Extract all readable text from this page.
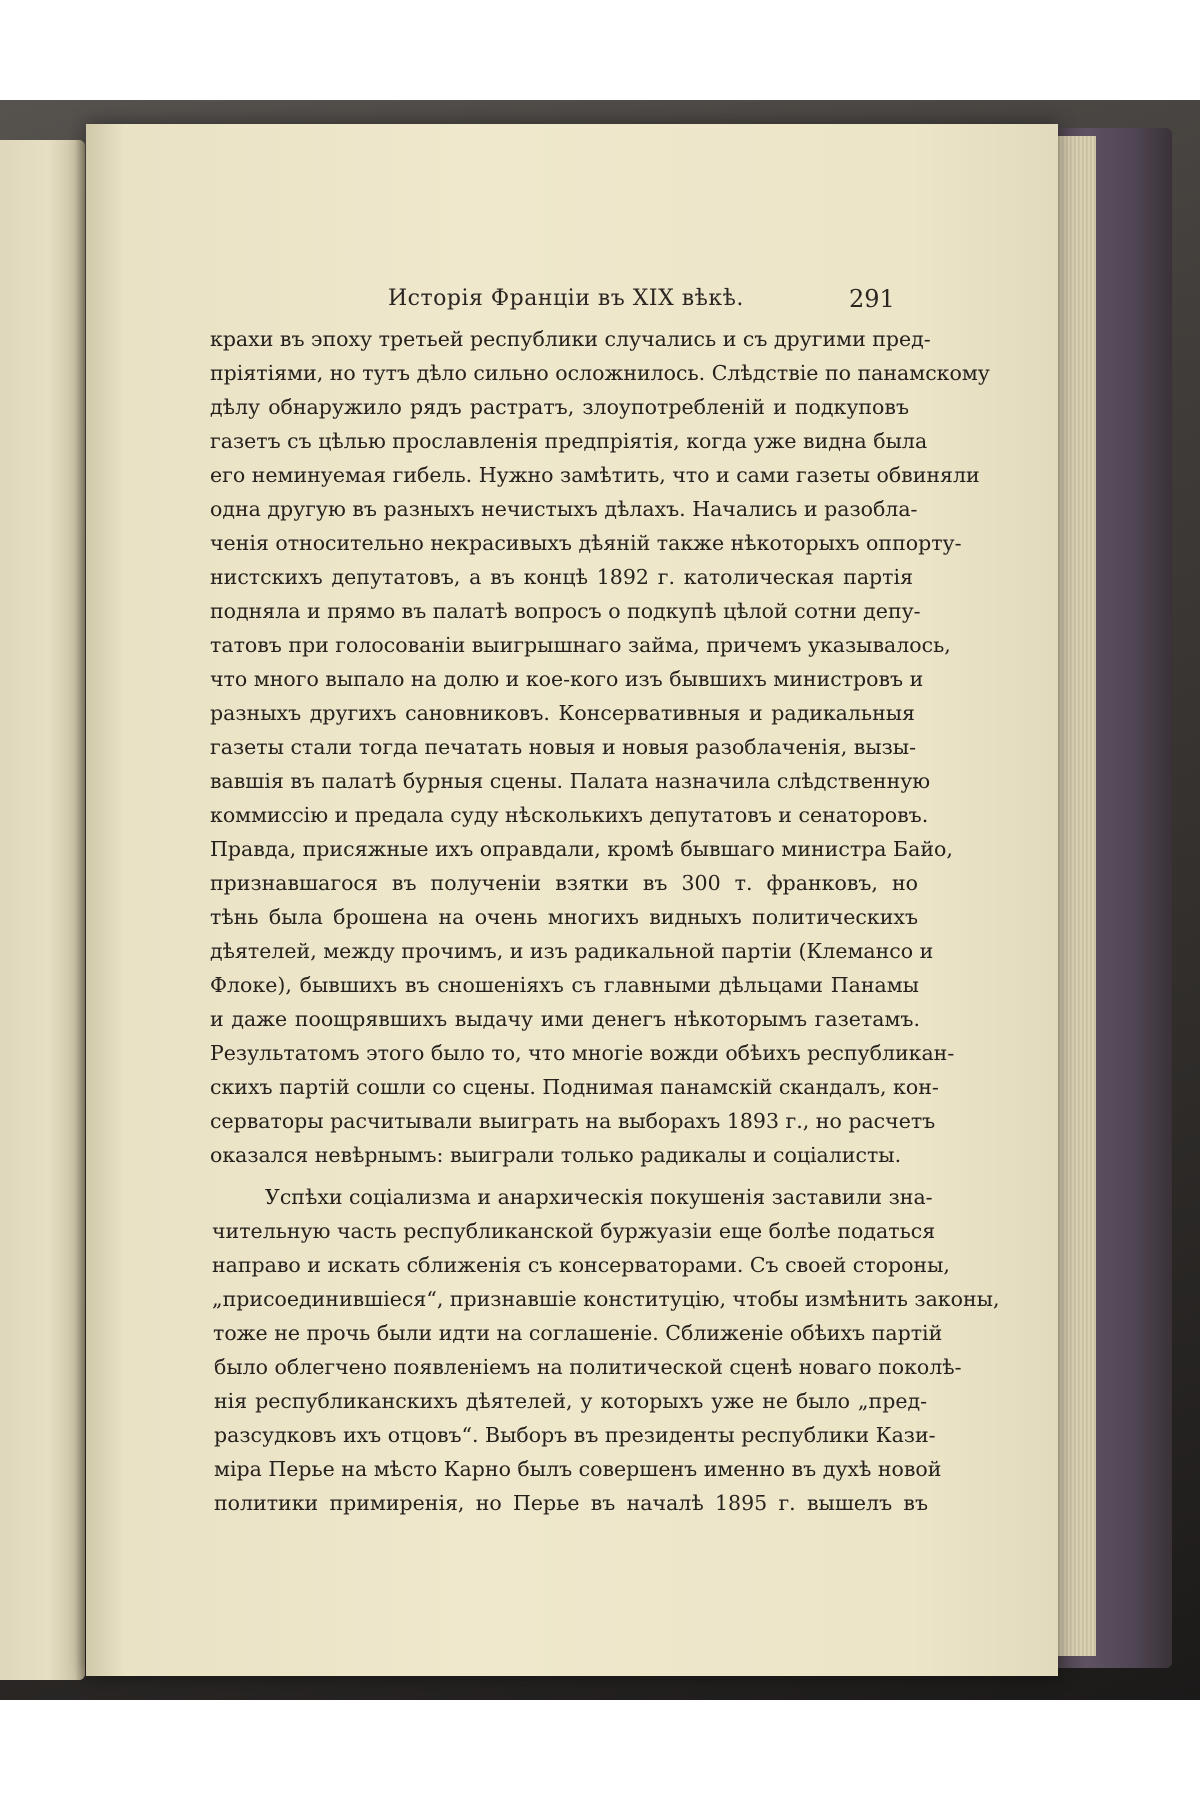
Исторія Франціи въ XIX вѣкѣ.	291
крахи въ эпоху третьей республики случались и съ другими пред-
пріятіями, но тутъ дѣло сильно осложнилось. Слѣдствіе по панамскому
дѣлу обнаружило рядъ растратъ, злоупотребленій и подкуповъ
газетъ съ цѣлью прославленія предпріятія, когда уже видна была
его неминуемая гибель. Нужно замѣтить, что и сами газеты обвиняли
одна другую въ разныхъ нечистыхъ дѣлахъ. Начались и разобла-
ченія относительно некрасивыхъ дѣяній также нѣкоторыхъ оппорту-
нистскихъ депутатовъ, а въ концѣ 1892 г. католическая партія
подняла и прямо въ палатѣ вопросъ о подкупѣ цѣлой сотни депу-
татовъ при голосованіи выигрышнаго займа, причемъ указывалось,
что много выпало на долю и кое-кого изъ бывшихъ министровъ и
разныхъ другихъ сановниковъ. Консервативныя и радикальныя
газеты стали тогда печатать новыя и новыя разоблаченія, вызы-
вавшія въ палатѣ бурныя сцены. Палата назначила слѣдственную
коммиссію и предала суду нѣсколькихъ депутатовъ и сенаторовъ.
Правда, присяжные ихъ оправдали, кромѣ бывшаго министра Байо,
признавшагося въ полученіи взятки въ 300 т. франковъ, но
тѣнь была брошена на очень многихъ видныхъ политическихъ
дѣятелей, между прочимъ, и изъ радикальной партіи (Клемансо и
Флоке), бывшихъ въ сношеніяхъ съ главными дѣльцами Панамы
и даже поощрявшихъ выдачу ими денегъ нѣкоторымъ газетамъ.
Результатомъ этого было то, что многіе вожди обѣихъ республикан-
скихъ партій сошли со сцены. Поднимая панамскій скандалъ, кон-
серваторы расчитывали выиграть на выборахъ 1893 г., но расчетъ
оказался невѣрнымъ: выиграли только радикалы и соціалисты.
Успѣхи соціализма и анархическія покушенія заставили зна-
чительную часть республиканской буржуазіи еще болѣе податься
направо и искать сближенія съ консерваторами. Съ своей стороны,
„присоединившіеся“, признавшіе конституцію, чтобы измѣнить законы,
тоже не прочь были идти на соглашеніе. Сближеніе обѣихъ партій
было облегчено появленіемъ на политической сценѣ новаго поколѣ-
нія республиканскихъ дѣятелей, у которыхъ уже не было „пред-
разсудковъ ихъ отцовъ“. Выборъ въ президенты республики Кази-
міра Перье на мѣсто Карно былъ совершенъ именно въ духѣ новой
политики примиренія, но Перье въ началѣ 1895 г. вышелъ въ
